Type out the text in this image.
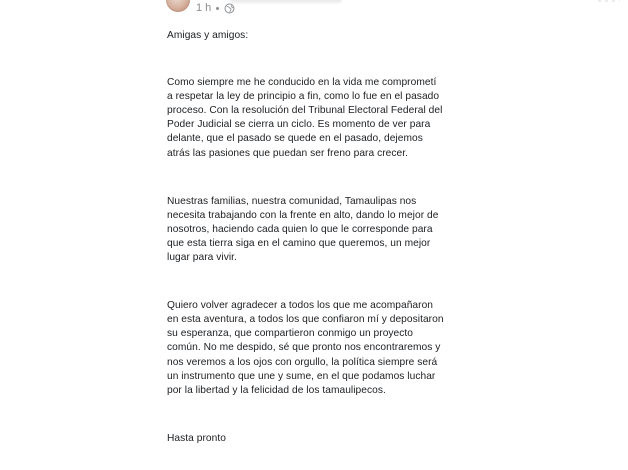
1 h

Amigas y amigos:

Como siempre me he conducido en la vida me comprometí
a respetar la ley de principio a fin, como lo fue en el pasado
proceso. Con la resolución del Tribunal Electoral Federal del
Poder Judicial se cierra un ciclo. Es momento de ver para
delante, que el pasado se quede en el pasado, dejemos
atrás las pasiones que puedan ser freno para crecer.

Nuestras familias, nuestra comunidad, Tamaulipas nos
necesita trabajando con la frente en alto, dando lo mejor de
nosotros, haciendo cada quien lo que le corresponde para
que esta tierra siga en el camino que queremos, un mejor
lugar para vivir.

Quiero volver agradecer a todos los que me acompañaron
en esta aventura, a todos los que confiaron mí y depositaron
su esperanza, que compartieron conmigo un proyecto
común. No me despido, sé que pronto nos encontraremos y
nos veremos a los ojos con orgullo, la política siempre será
un instrumento que une y sume, en el que podamos luchar
por la libertad y la felicidad de los tamaulipecos.

Hasta pronto
